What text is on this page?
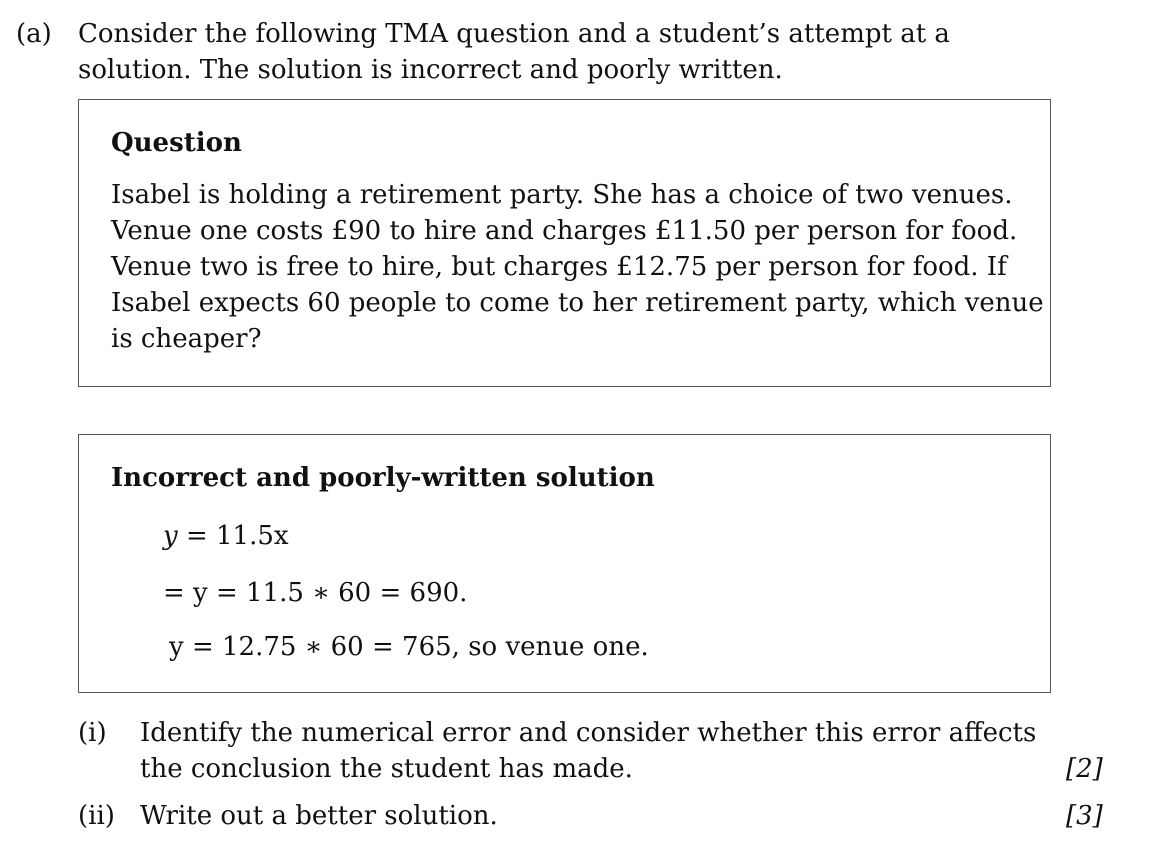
(a) Consider the following TMA question and a student’s attempt at a
solution. The solution is incorrect and poorly written.
Question
Isabel is holding a retirement party. She has a choice of two venues.
Venue one costs £90 to hire and charges £11.50 per person for food.
Venue two is free to hire, but charges £12.75 per person for food. If
Isabel expects 60 people to come to her retirement party, which venue
is cheaper?
Incorrect and poorly-written solution
y = 11.5x
= y = 11.5 ∗ 60 = 690.
y = 12.75 ∗ 60 = 765, so venue one.
(i) Identify the numerical error and consider whether this error affects
the conclusion the student has made.	[2]
(ii) Write out a better solution.	[3]
